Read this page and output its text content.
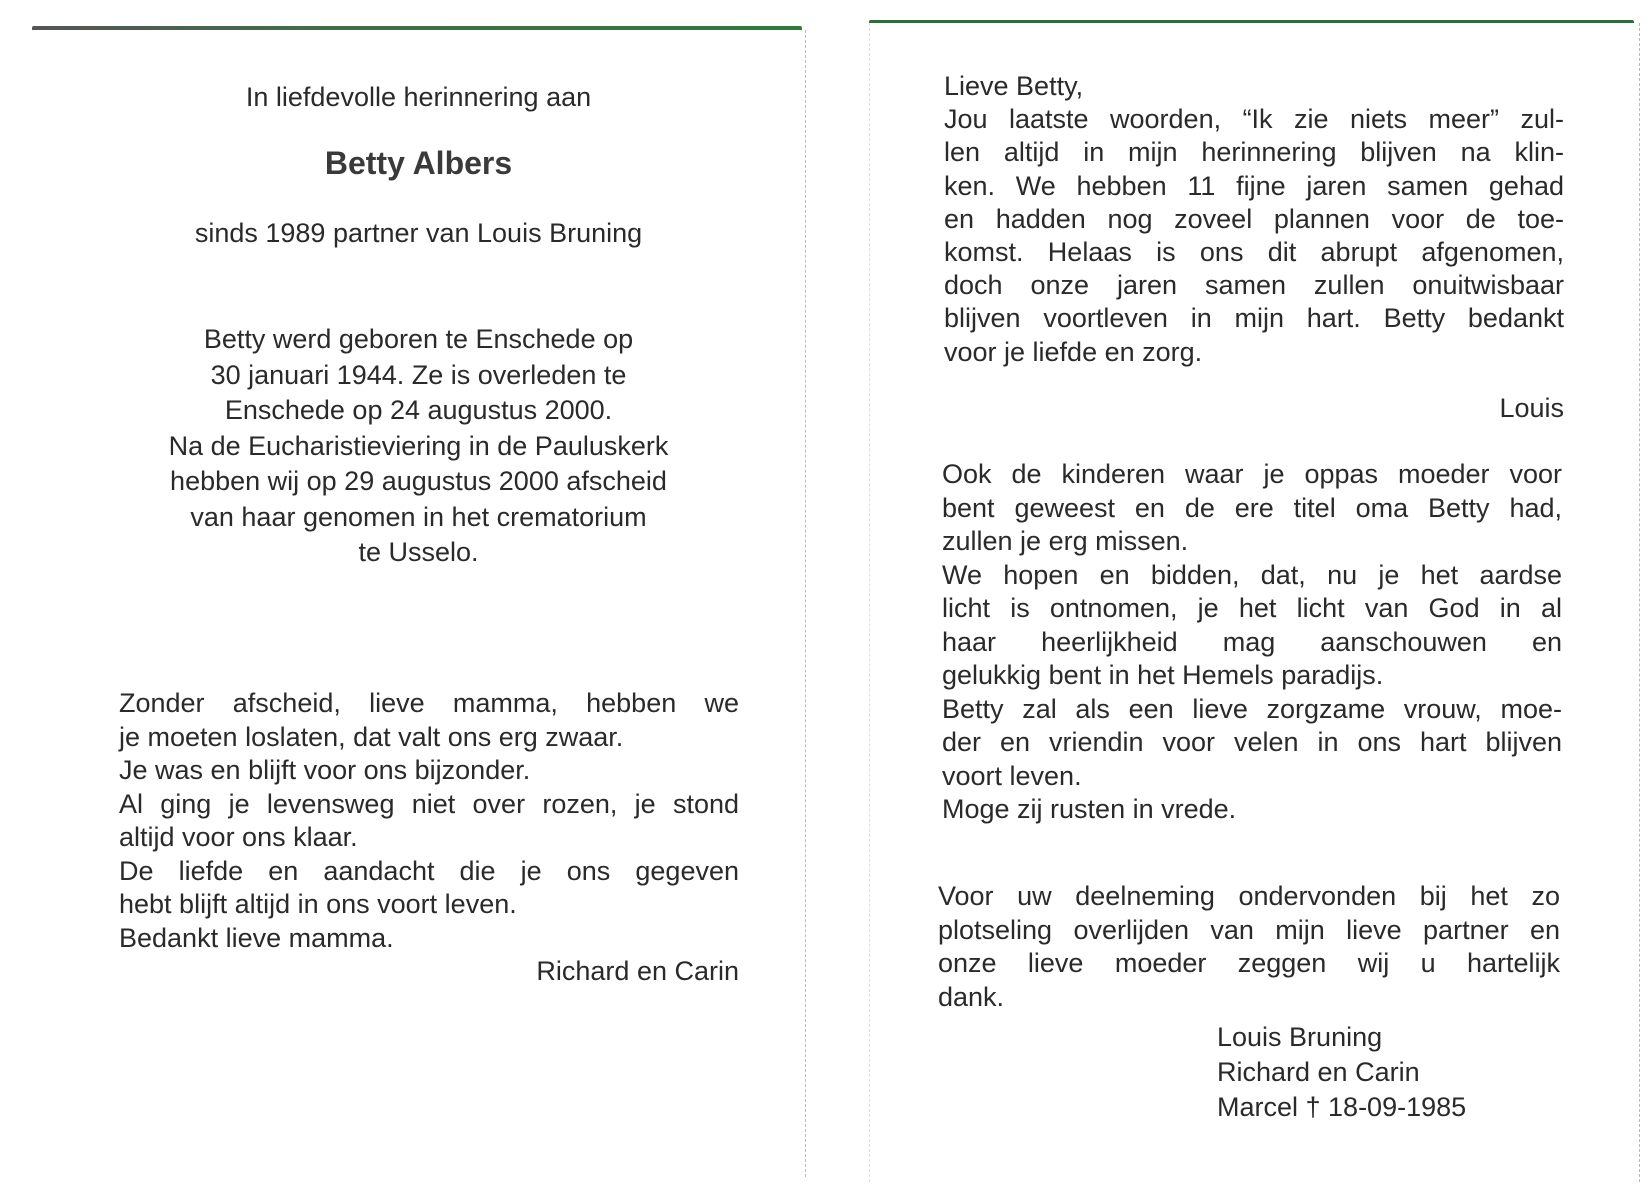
In liefdevolle herinnering aan
Betty Albers
sinds 1989 partner van Louis Bruning
Betty werd geboren te Enschede op
30 januari 1944. Ze is overleden te
Enschede op 24 augustus 2000.
Na de Eucharistieviering in de Pauluskerk
hebben wij op 29 augustus 2000 afscheid
van haar genomen in het crematorium
te Usselo.
Zonder afscheid, lieve mamma, hebben we
je moeten loslaten, dat valt ons erg zwaar.
Je was en blijft voor ons bijzonder.
Al ging je levensweg niet over rozen, je stond
altijd voor ons klaar.
De liefde en aandacht die je ons gegeven
hebt blijft altijd in ons voort leven.
Bedankt lieve mamma.
Richard en Carin
Lieve Betty,
Jou laatste woorden, “Ik zie niets meer” zul-
len altijd in mijn herinnering blijven na klin-
ken. We hebben 11 fijne jaren samen gehad
en hadden nog zoveel plannen voor de toe-
komst. Helaas is ons dit abrupt afgenomen,
doch onze jaren samen zullen onuitwisbaar
blijven voortleven in mijn hart. Betty bedankt
voor je liefde en zorg.
Louis
Ook de kinderen waar je oppas moeder voor
bent geweest en de ere titel oma Betty had,
zullen je erg missen.
We hopen en bidden, dat, nu je het aardse
licht is ontnomen, je het licht van God in al
haar heerlijkheid mag aanschouwen en
gelukkig bent in het Hemels paradijs.
Betty zal als een lieve zorgzame vrouw, moe-
der en vriendin voor velen in ons hart blijven
voort leven.
Moge zij rusten in vrede.
Voor uw deelneming ondervonden bij het zo
plotseling overlijden van mijn lieve partner en
onze lieve moeder zeggen wij u hartelijk
dank.
Louis Bruning
Richard en Carin
Marcel † 18-09-1985
